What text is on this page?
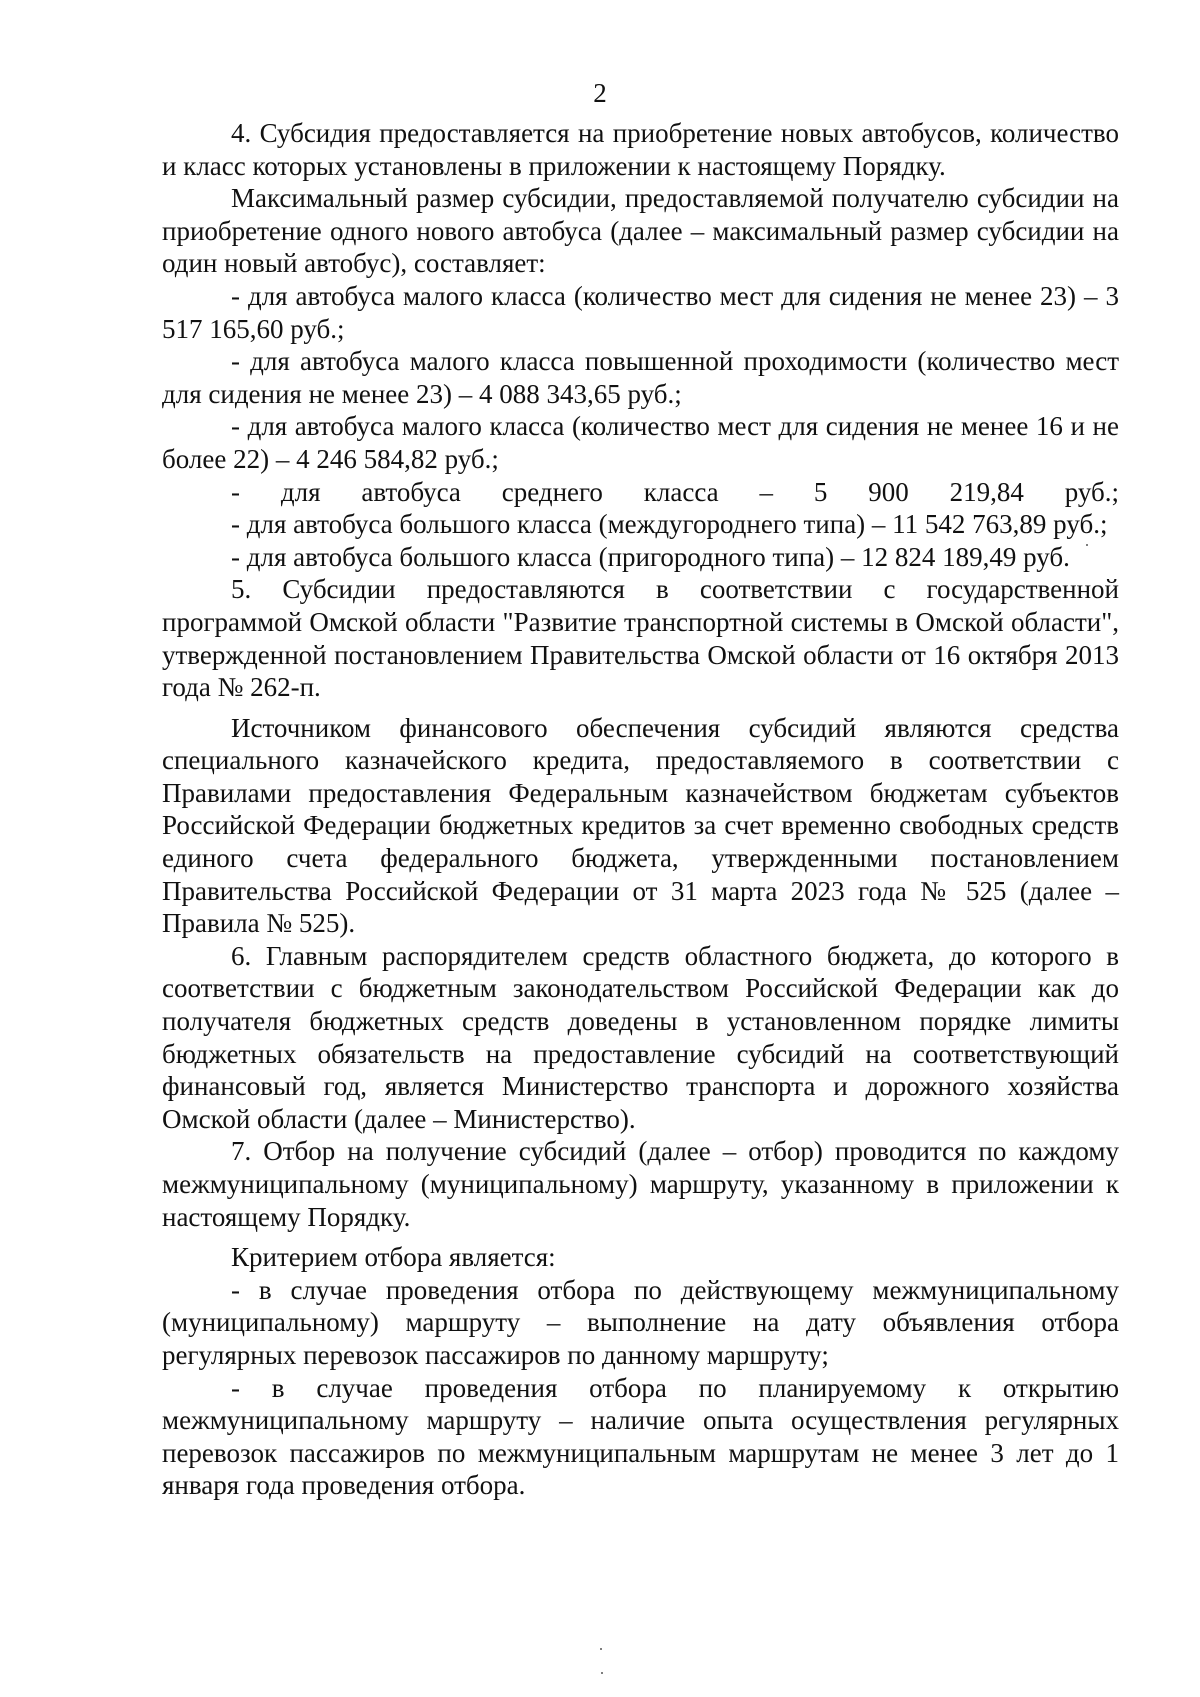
2

4. Субсидия предоставляется на приобретение новых автобусов, количество и класс которых установлены в приложении к настоящему Порядку.

Максимальный размер субсидии, предоставляемой получателю субсидии на приобретение одного нового автобуса (далее – максимальный размер субсидии на один новый автобус), составляет:

- для автобуса малого класса (количество мест для сидения не менее 23) – 3 517 165,60 руб.;

- для автобуса малого класса повышенной проходимости (количество мест для сидения не менее 23) – 4 088 343,65 руб.;

- для автобуса малого класса (количество мест для сидения не менее 16 и не более 22) – 4 246 584,82 руб.;

- для автобуса среднего класса – 5 900 219,84 руб.;

- для автобуса большого класса (междугороднего типа) – 11 542 763,89 руб.;

- для автобуса большого класса (пригородного типа) – 12 824 189,49 руб.

5. Субсидии предоставляются в соответствии с государственной программой Омской области "Развитие транспортной системы в Омской области", утвержденной постановлением Правительства Омской области от 16 октября 2013 года № 262-п.

Источником финансового обеспечения субсидий являются средства специального казначейского кредита, предоставляемого в соответствии с Правилами предоставления Федеральным казначейством бюджетам субъектов Российской Федерации бюджетных кредитов за счет временно свободных средств единого счета федерального бюджета, утвержденными постановлением Правительства Российской Федерации от 31 марта 2023 года № 525 (далее – Правила № 525).

6. Главным распорядителем средств областного бюджета, до которого в соответствии с бюджетным законодательством Российской Федерации как до получателя бюджетных средств доведены в установленном порядке лимиты бюджетных обязательств на предоставление субсидий на соответствующий финансовый год, является Министерство транспорта и дорожного хозяйства Омской области (далее – Министерство).

7. Отбор на получение субсидий (далее – отбор) проводится по каждому межмуниципальному (муниципальному) маршруту, указанному в приложении к настоящему Порядку.

Критерием отбора является:

- в случае проведения отбора по действующему межмуниципальному (муниципальному) маршруту – выполнение на дату объявления отбора регулярных перевозок пассажиров по данному маршруту;

- в случае проведения отбора по планируемому к открытию межмуниципальному маршруту – наличие опыта осуществления регулярных перевозок пассажиров по межмуниципальным маршрутам не менее 3 лет до 1 января года проведения отбора.
